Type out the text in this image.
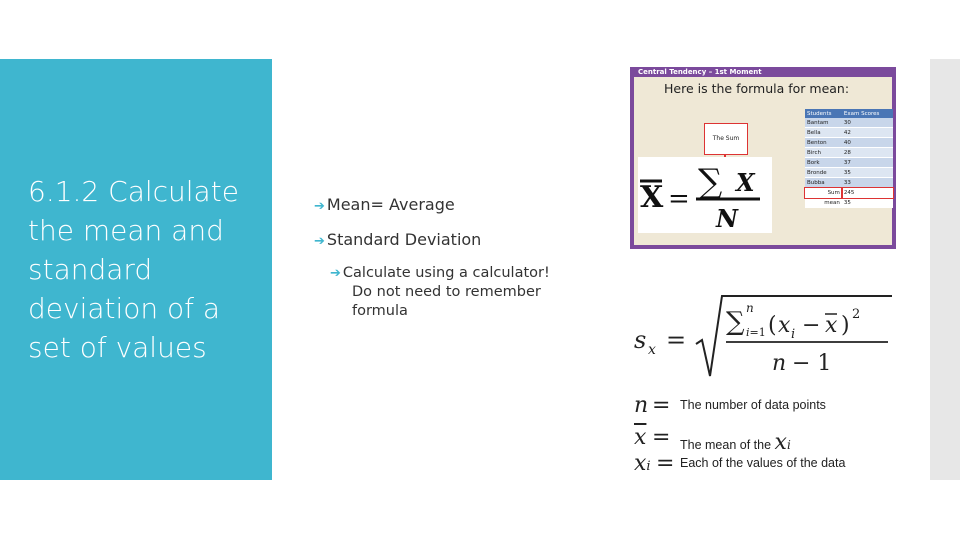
6.1.2 Calculate the mean and standard deviation of a set of values
➔ Mean= Average
➔ Standard Deviation
➔ Calculate using a calculator! Do not need to remember formula
Central Tendency – 1st Moment
Here is the formula for mean:
The Sum
X = ∑ X
N
Students	Exam Scores
Bantam	30
Bella	42
Benton	40
Birch	28
Bork	37
Bronde	35
Bubba	33
Sum	245
mean	35
s x =
∑ n
i=1 ( x i − x ) 2
n − 1
n = The number of data points
$\overline{x}$ = The mean of the xi
xi = Each of the values of the data
